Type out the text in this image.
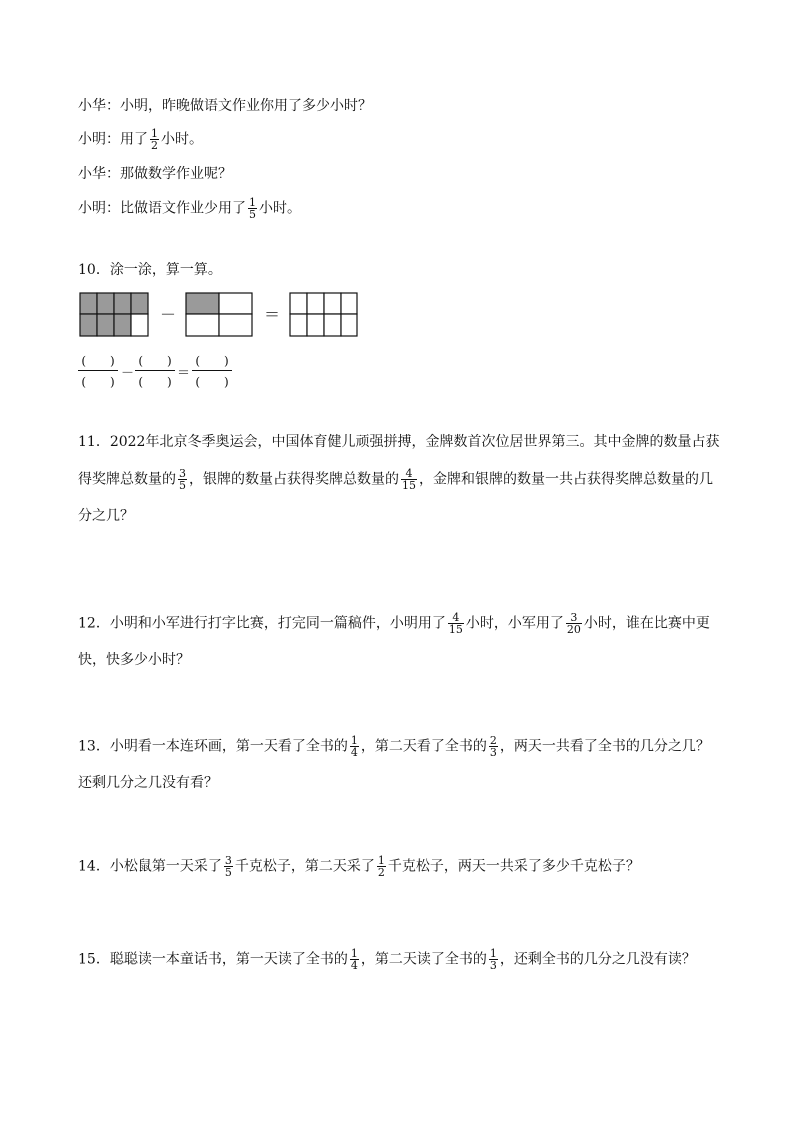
小华：小明，昨晚做语文作业你用了多少小时？
小明：用了 $\frac{1}{2}$ 小时。
小华：那做数学作业呢？
小明：比做语文作业少用了 $\frac{1}{5}$ 小时。
10．涂一涂，算一算。
－	＝
(　　)
(　　)
－
(　　)
(　　)
＝
(　　)
(　　)
11．2022年北京冬季奥运会，中国体育健儿顽强拼搏，金牌数首次位居世界第三。其中金牌的数量占获
得奖牌总数量的 $\frac{3}{5}$ ，银牌的数量占获得奖牌总数量的 $\frac{4}{15}$ ，金牌和银牌的数量一共占获得奖牌总数量的几
分之几？
12．小明和小军进行打字比赛，打完同一篇稿件，小明用了 $\frac{4}{15}$ 小时，小军用了 $\frac{3}{20}$ 小时，谁在比赛中更
快，快多少小时？
13．小明看一本连环画，第一天看了全书的 $\frac{1}{4}$ ，第二天看了全书的 $\frac{2}{3}$ ，两天一共看了全书的几分之几？
还剩几分之几没有看？
14．小松鼠第一天采了 $\frac{3}{5}$ 千克松子，第二天采了 $\frac{1}{2}$ 千克松子，两天一共采了多少千克松子？
15．聪聪读一本童话书，第一天读了全书的 $\frac{1}{4}$ ，第二天读了全书的 $\frac{1}{3}$ ，还剩全书的几分之几没有读？
